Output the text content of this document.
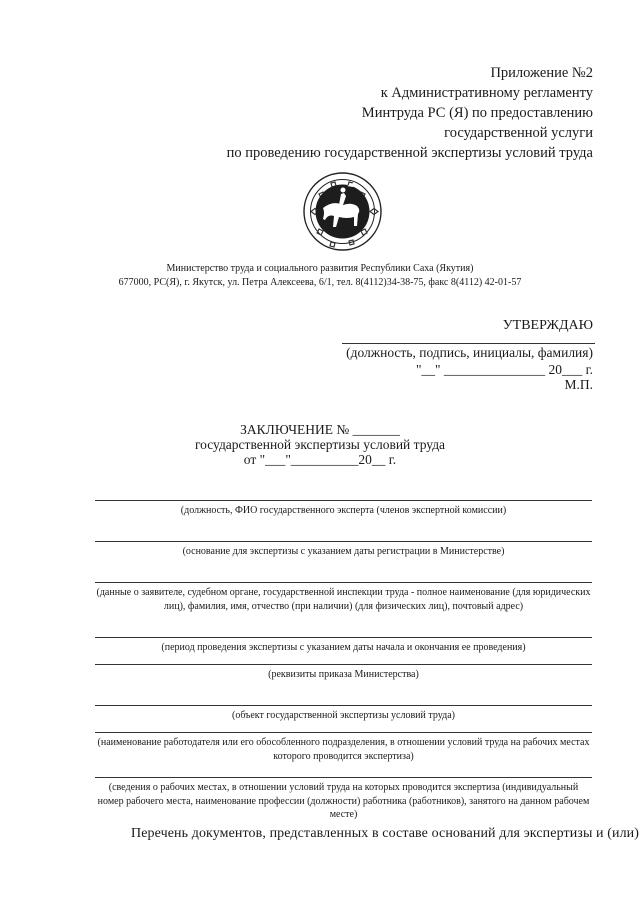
Приложение №2
к Административному регламенту
Минтруда РС (Я) по предоставлению
государственной услуги
по проведению государственной экспертизы условий труда
Министерство труда и социального развития Республики Саха (Якутия)
677000, РС(Я), г. Якутск, ул. Петра Алексеева, 6/1, тел. 8(4112)34-38-75, факс 8(4112) 42-01-57
УТВЕРЖДАЮ
(должность, подпись, инициалы, фамилия)
"__" _______________ 20___ г.
М.П.
ЗАКЛЮЧЕНИЕ № _______
государственной экспертизы условий труда
от "___"__________20__ г.
(должность, ФИО государственного эксперта (членов экспертной комиссии)
(основание для экспертизы с указанием даты регистрации в Министерстве)
(данные о заявителе, судебном органе, государственной инспекции труда - полное наименование (для юридических лиц), фамилия, имя, отчество (при наличии) (для физических лиц), почтовый адрес)
(период проведения экспертизы с указанием даты начала и окончания ее проведения)
(реквизиты приказа Министерства)
(объект государственной экспертизы условий труда)
(наименование работодателя или его обособленного подразделения, в отношении условий труда на рабочих местах которого проводится экспертиза)
(сведения о рабочих местах, в отношении условий труда на которых проводится экспертиза (индивидуальный номер рабочего места, наименование профессии (должности) работника (работников), занятого на данном рабочем месте)
Перечень документов, представленных в составе оснований для экспертизы и (или)
